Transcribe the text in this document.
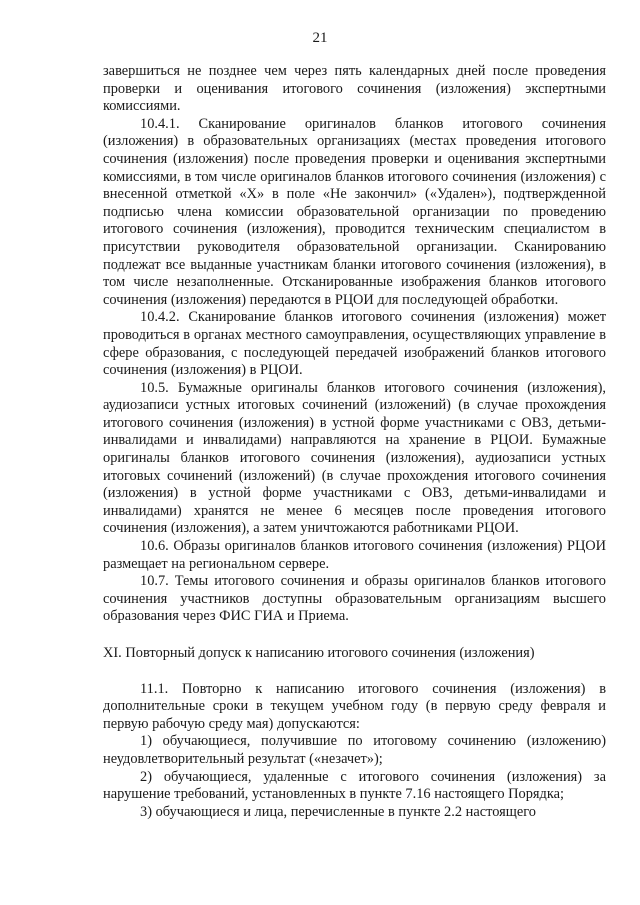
21

завершиться не позднее чем через пять календарных дней после проведения проверки и оценивания итогового сочинения (изложения) экспертными комиссиями.

10.4.1. Сканирование оригиналов бланков итогового сочинения (изложения) в образовательных организациях (местах проведения итогового сочинения (изложения) после проведения проверки и оценивания экспертными комиссиями, в том числе оригиналов бланков итогового сочинения (изложения) с внесенной отметкой «X» в поле «Не закончил» («Удален»), подтвержденной подписью члена комиссии образовательной организации по проведению итогового сочинения (изложения), проводится техническим специалистом в присутствии руководителя образовательной организации. Сканированию подлежат все выданные участникам бланки итогового сочинения (изложения), в том числе незаполненные. Отсканированные изображения бланков итогового сочинения (изложения) передаются в РЦОИ для последующей обработки.

10.4.2. Сканирование бланков итогового сочинения (изложения) может проводиться в органах местного самоуправления, осуществляющих управление в сфере образования, с последующей передачей изображений бланков итогового сочинения (изложения) в РЦОИ.

10.5. Бумажные оригиналы бланков итогового сочинения (изложения), аудиозаписи устных итоговых сочинений (изложений) (в случае прохождения итогового сочинения (изложения) в устной форме участниками с ОВЗ, детьми-инвалидами и инвалидами) направляются на хранение в РЦОИ. Бумажные оригиналы бланков итогового сочинения (изложения), аудиозаписи устных итоговых сочинений (изложений) (в случае прохождения итогового сочинения (изложения) в устной форме участниками с ОВЗ, детьми-инвалидами и инвалидами) хранятся не менее 6 месяцев после проведения итогового сочинения (изложения), а затем уничтожаются работниками РЦОИ.

10.6. Образы оригиналов бланков итогового сочинения (изложения) РЦОИ размещает на региональном сервере.

10.7. Темы итогового сочинения и образы оригиналов бланков итогового сочинения участников доступны образовательным организациям высшего образования через ФИС ГИА и Приема.

XI. Повторный допуск к написанию итогового сочинения (изложения)

11.1. Повторно к написанию итогового сочинения (изложения) в дополнительные сроки в текущем учебном году (в первую среду февраля и первую рабочую среду мая) допускаются:

1) обучающиеся, получившие по итоговому сочинению (изложению) неудовлетворительный результат («незачет»);

2) обучающиеся, удаленные с итогового сочинения (изложения) за нарушение требований, установленных в пункте 7.16 настоящего Порядка;

3) обучающиеся и лица, перечисленные в пункте 2.2 настоящего
